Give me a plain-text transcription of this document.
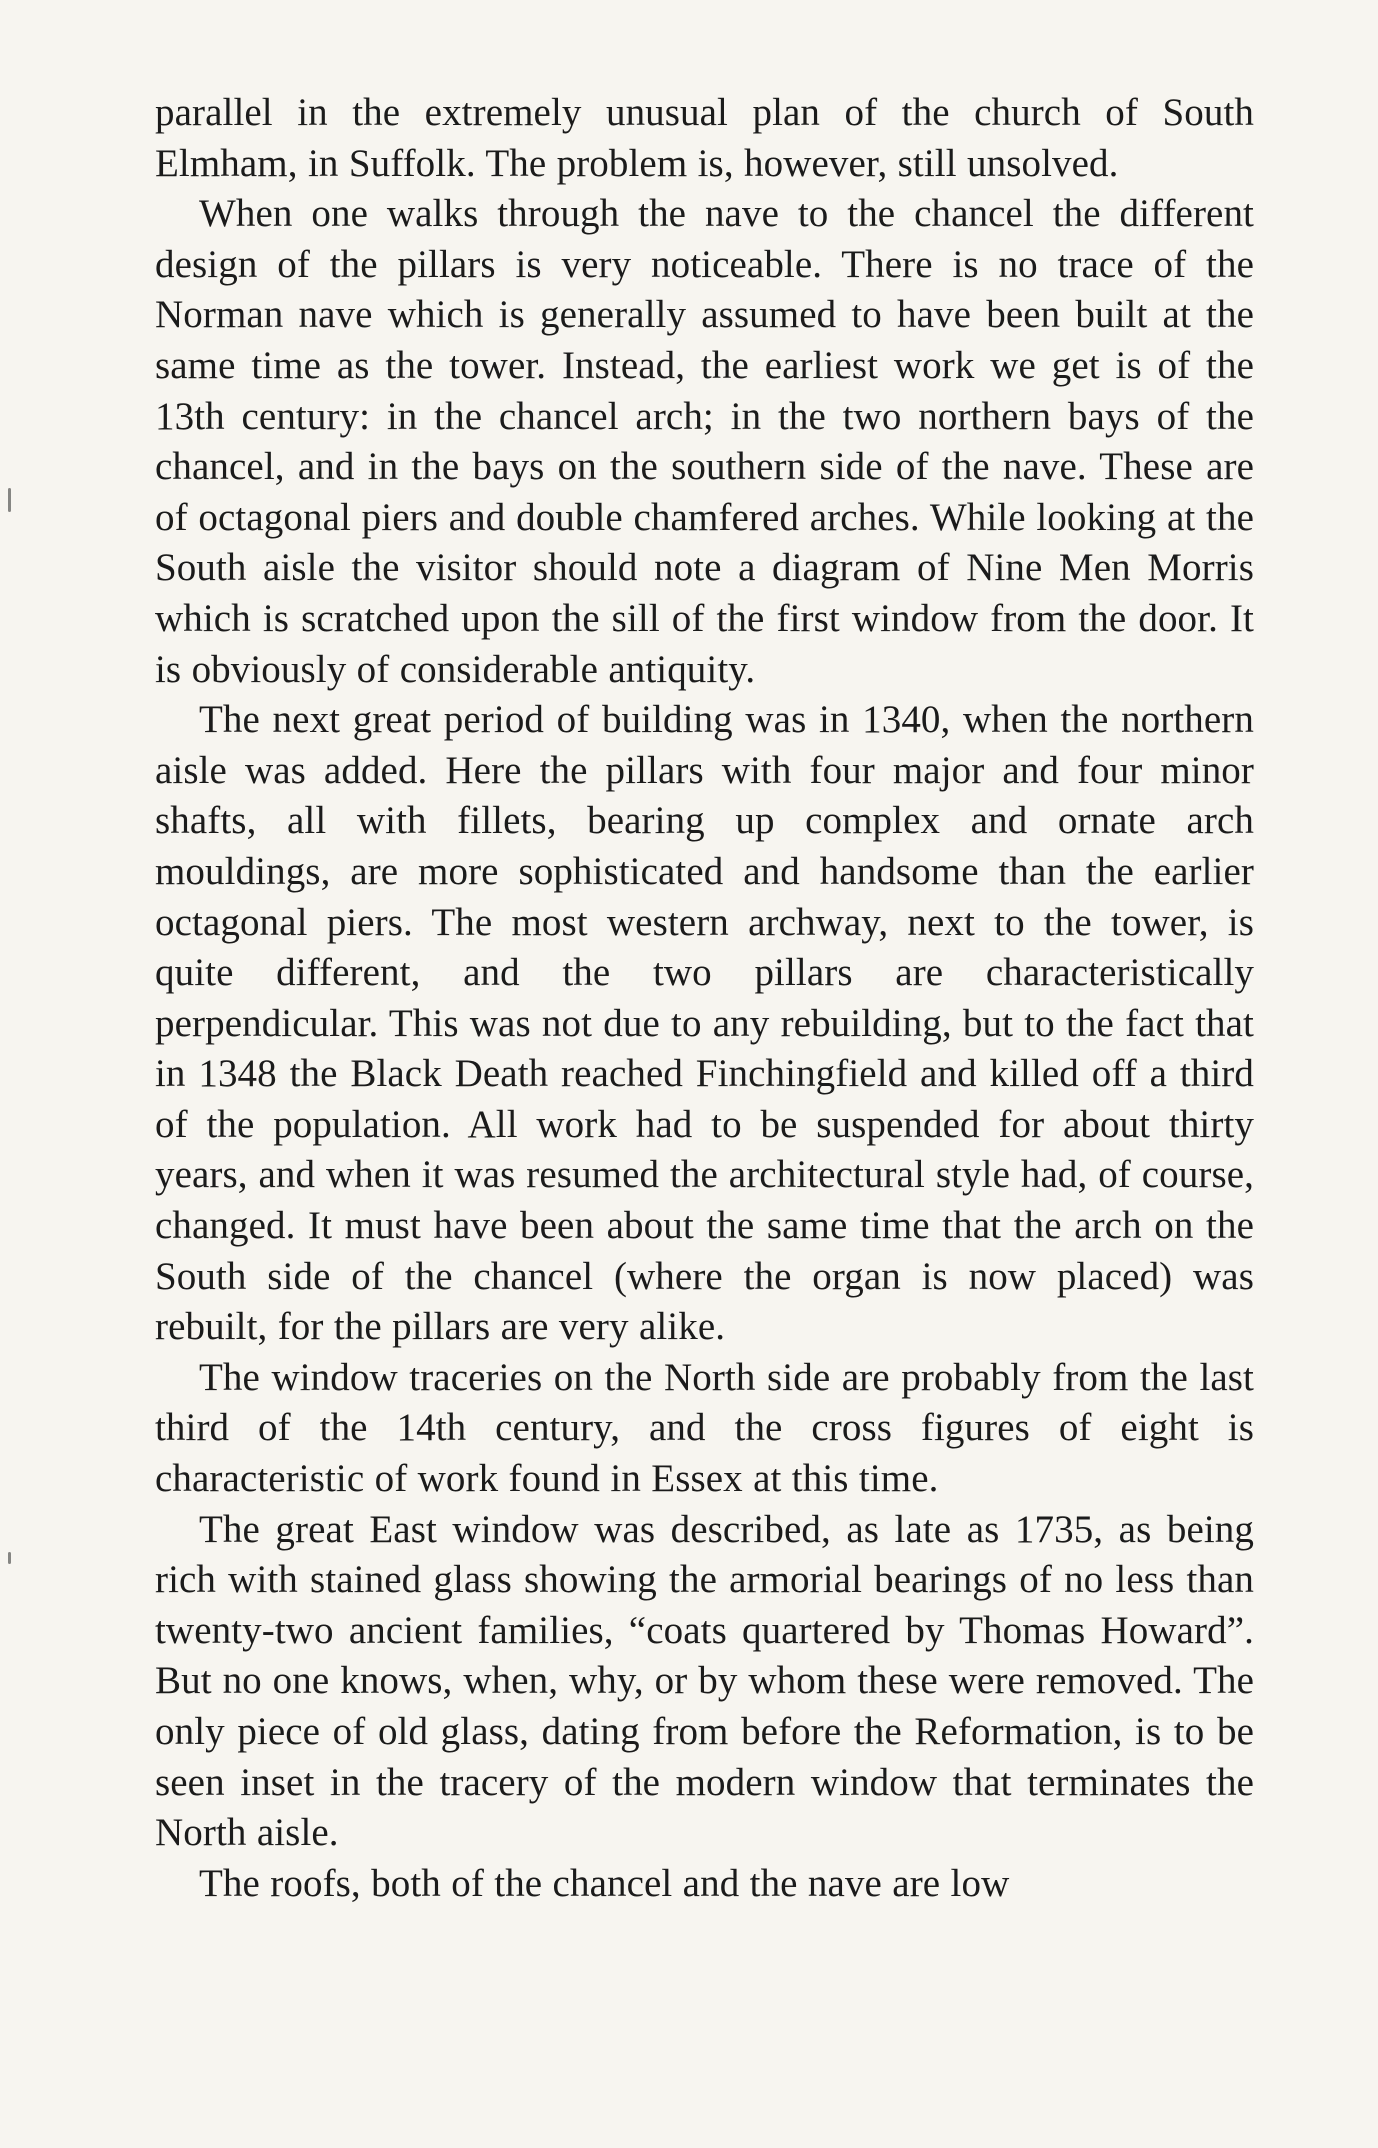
parallel in the extremely unusual plan of the church of South Elmham, in Suffolk. The problem is, however, still unsolved.

When one walks through the nave to the chancel the different design of the pillars is very noticeable. There is no trace of the Norman nave which is generally assumed to have been built at the same time as the tower. Instead, the earliest work we get is of the 13th century: in the chancel arch; in the two northern bays of the chancel, and in the bays on the southern side of the nave. These are of octagonal piers and double chamfered arches. While looking at the South aisle the visitor should note a diagram of Nine Men Morris which is scratched upon the sill of the first window from the door. It is obviously of considerable antiquity.

The next great period of building was in 1340, when the northern aisle was added. Here the pillars with four major and four minor shafts, all with fillets, bearing up complex and ornate arch mouldings, are more sophisticated and handsome than the earlier octagonal piers. The most western archway, next to the tower, is quite different, and the two pillars are characteristically perpendicular. This was not due to any rebuilding, but to the fact that in 1348 the Black Death reached Finchingfield and killed off a third of the population. All work had to be suspended for about thirty years, and when it was resumed the architectural style had, of course, changed. It must have been about the same time that the arch on the South side of the chancel (where the organ is now placed) was rebuilt, for the pillars are very alike.

The window traceries on the North side are probably from the last third of the 14th century, and the cross figures of eight is characteristic of work found in Essex at this time.

The great East window was described, as late as 1735, as being rich with stained glass showing the armorial bearings of no less than twenty-two ancient families, “coats quartered by Thomas Howard”. But no one knows, when, why, or by whom these were removed. The only piece of old glass, dating from before the Reformation, is to be seen inset in the tracery of the modern window that terminates the North aisle.

The roofs, both of the chancel and the nave are low
